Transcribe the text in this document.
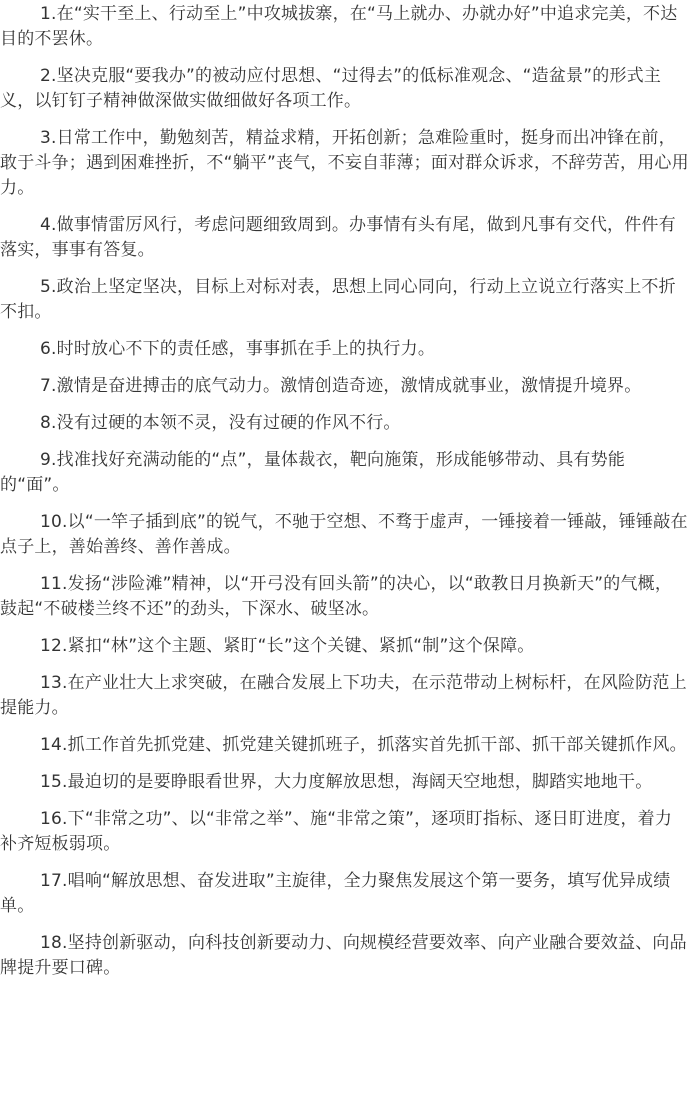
1.在“实干至上、行动至上”中攻城拔寨，在“马上就办、办就办好”中追求完美，不达目的不罢休。

2.坚决克服“要我办”的被动应付思想、“过得去”的低标准观念、“造盆景”的形式主义，以钉钉子精神做深做实做细做好各项工作。

3.日常工作中，勤勉刻苦，精益求精，开拓创新；急难险重时，挺身而出冲锋在前，敢于斗争；遇到困难挫折，不“躺平”丧气，不妄自菲薄；面对群众诉求，不辞劳苦，用心用力。

4.做事情雷厉风行，考虑问题细致周到。办事情有头有尾，做到凡事有交代，件件有落实，事事有答复。

5.政治上坚定坚决，目标上对标对表，思想上同心同向，行动上立说立行落实上不折不扣。

6.时时放心不下的责任感，事事抓在手上的执行力。

7.激情是奋进搏击的底气动力。激情创造奇迹，激情成就事业，激情提升境界。

8.没有过硬的本领不灵，没有过硬的作风不行。

9.找准找好充满动能的“点”，量体裁衣，靶向施策，形成能够带动、具有势能的“面”。

10.以“一竿子插到底”的锐气，不驰于空想、不骛于虚声，一锤接着一锤敲，锤锤敲在点子上，善始善终、善作善成。

11.发扬“涉险滩”精神，以“开弓没有回头箭”的决心，以“敢教日月换新天”的气概，鼓起“不破楼兰终不还”的劲头，下深水、破坚冰。

12.紧扣“林”这个主题、紧盯“长”这个关键、紧抓“制”这个保障。

13.在产业壮大上求突破，在融合发展上下功夫，在示范带动上树标杆，在风险防范上提能力。

14.抓工作首先抓党建、抓党建关键抓班子，抓落实首先抓干部、抓干部关键抓作风。

15.最迫切的是要睁眼看世界，大力度解放思想，海阔天空地想，脚踏实地地干。

16.下“非常之功”、以“非常之举”、施“非常之策”，逐项盯指标、逐日盯进度，着力补齐短板弱项。

17.唱响“解放思想、奋发进取”主旋律，全力聚焦发展这个第一要务，填写优异成绩单。

18.坚持创新驱动，向科技创新要动力、向规模经营要效率、向产业融合要效益、向品牌提升要口碑。
